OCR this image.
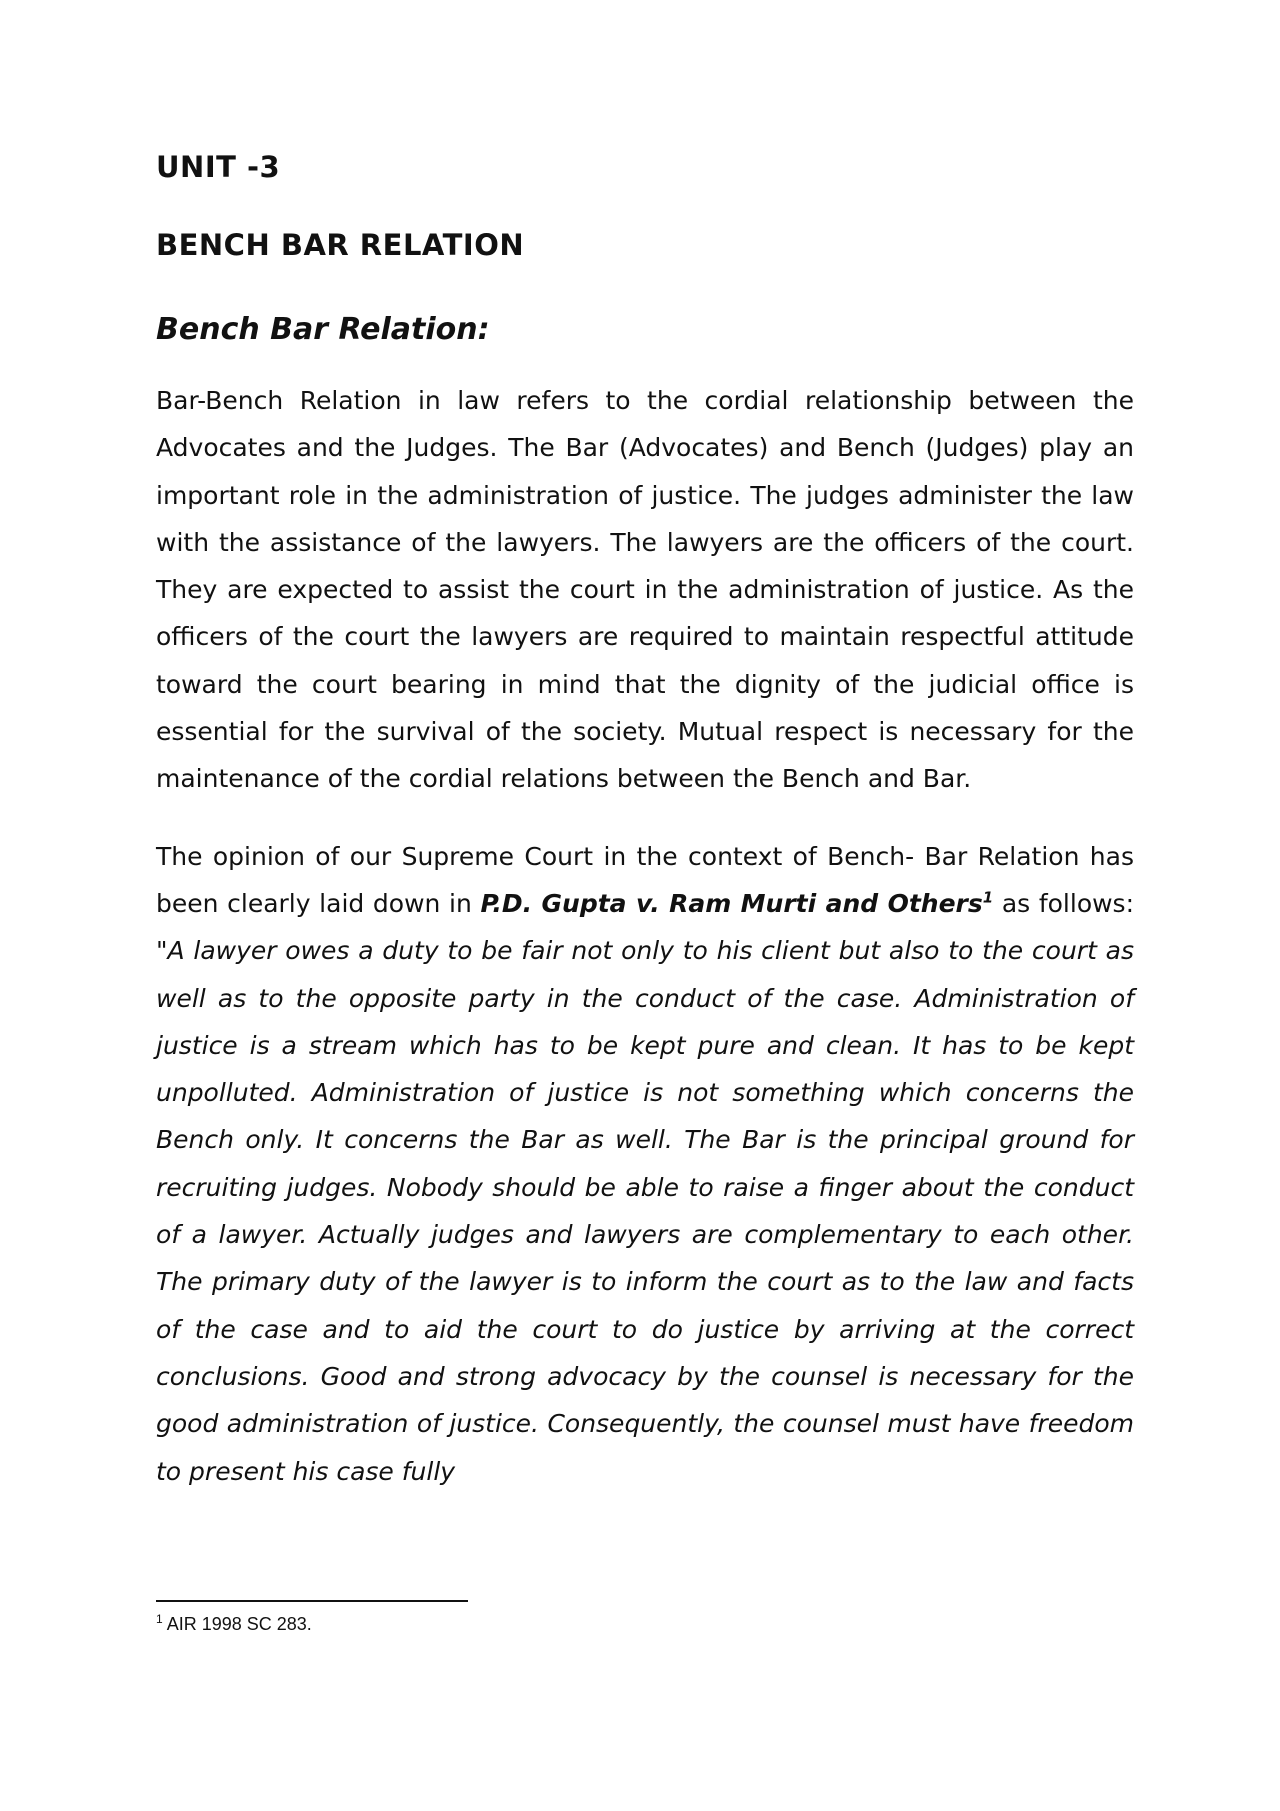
UNIT -3
BENCH BAR RELATION
Bench Bar Relation:

Bar-Bench Relation in law refers to the cordial relationship between the Advocates and the Judges. The Bar (Advocates) and Bench (Judges) play an important role in the administration of justice. The judges administer the law with the assistance of the lawyers. The lawyers are the officers of the court. They are expected to assist the court in the administration of justice. As the officers of the court the lawyers are required to maintain respectful attitude toward the court bearing in mind that the dignity of the judicial office is essential for the survival of the society. Mutual respect is necessary for the maintenance of the cordial relations between the Bench and Bar.

The opinion of our Supreme Court in the context of Bench- Bar Relation has been clearly laid down in P.D. Gupta v. Ram Murti and Others$^1$ as follows: "A lawyer owes a duty to be fair not only to his client but also to the court as well as to the opposite party in the conduct of the case. Administration of justice is a stream which has to be kept pure and clean. It has to be kept unpolluted. Administration of justice is not something which concerns the Bench only. It concerns the Bar as well. The Bar is the principal ground for recruiting judges. Nobody should be able to raise a finger about the conduct of a lawyer. Actually judges and lawyers are complementary to each other. The primary duty of the lawyer is to inform the court as to the law and facts of the case and to aid the court to do justice by arriving at the correct conclusions. Good and strong advocacy by the counsel is necessary for the good administration of justice. Consequently, the counsel must have freedom to present his case fully

$^1$ AIR 1998 SC 283.
